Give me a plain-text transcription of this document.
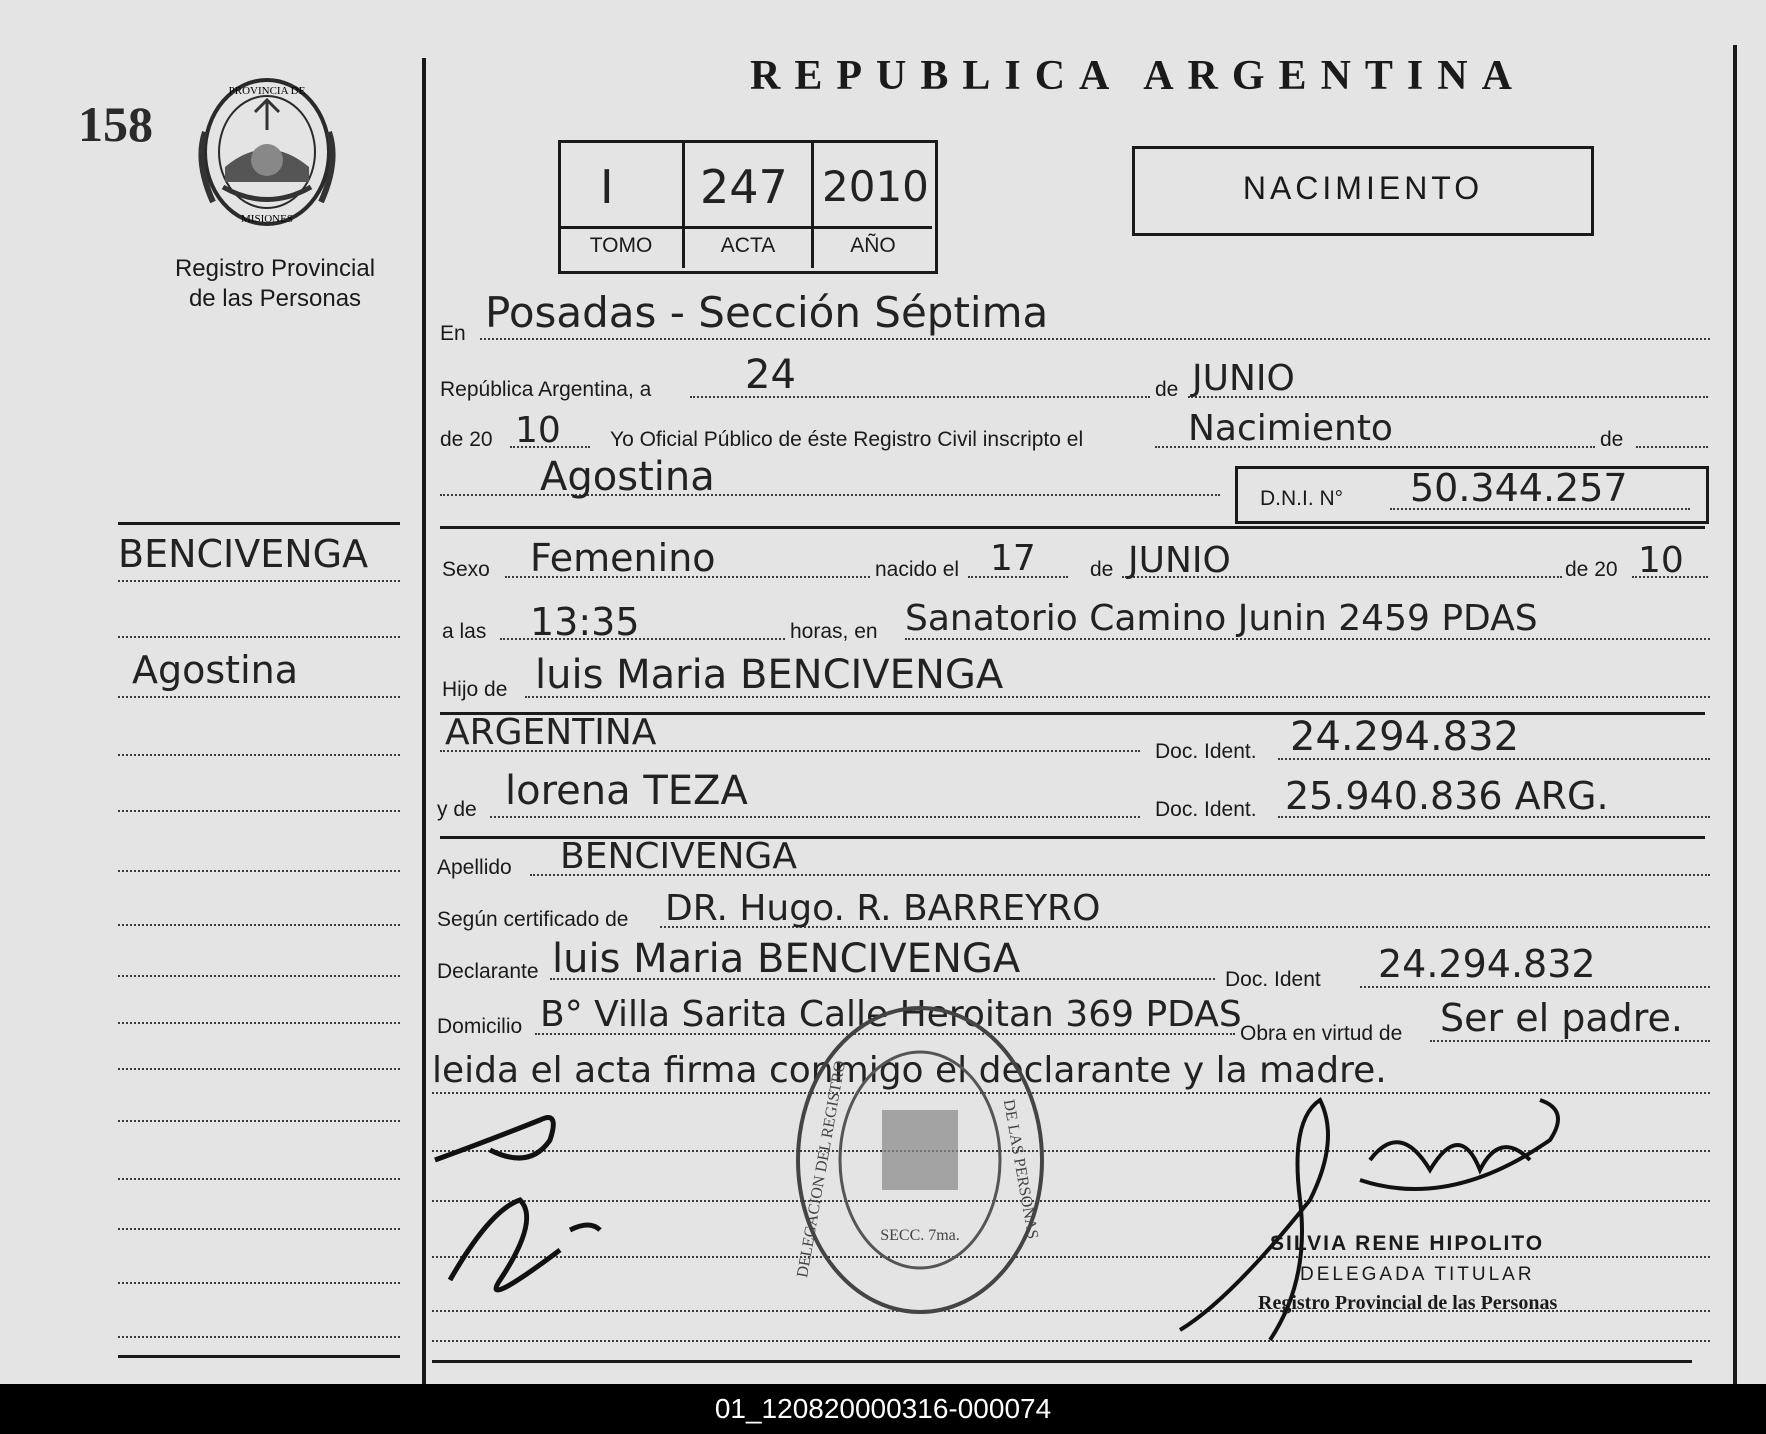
158
PROVINCIA DE
MISIONES
Registro Provincial
de las Personas
BENCIVENGA
Agostina
REPUBLICA ARGENTINA
I 247 2010
TOMO	ACTA	AÑO
NACIMIENTO
En Posadas - Sección Séptima
República Argentina, a 24	de JUNIO
de 20 10 Yo Oficial Público de éste Registro Civil inscripto el	Nacimiento	de
Agostina	D.N.I. N° 50.344.257
Sexo Femenino	nacido el 17	de JUNIO	de 20 10
a las 13:35	horas, en Sanatorio Camino Junin 2459 PDAS
Hijo de luis Maria BENCIVENGA
ARGENTINA	Doc. Ident. 24.294.832
y de lorena TEZA	Doc. Ident. 25.940.836 ARG.
Apellido BENCIVENGA
Según certificado de DR. Hugo. R. BARREYRO
Declarante luis Maria BENCIVENGA	Doc. Ident 24.294.832
Domicilio B° Villa Sarita Calle Heroitan 369 PDAS
Obra en virtud de Ser el padre.
leida el acta firma conmigo el declarante y la madre.
DELEGACION DEL REGISTRO	DE LAS PERSONAS
SECC. 7ma.	SILVIA RENE HIPOLITO
DELEGADA TITULAR
Registro Provincial de las Personas
01_120820000316-000074
